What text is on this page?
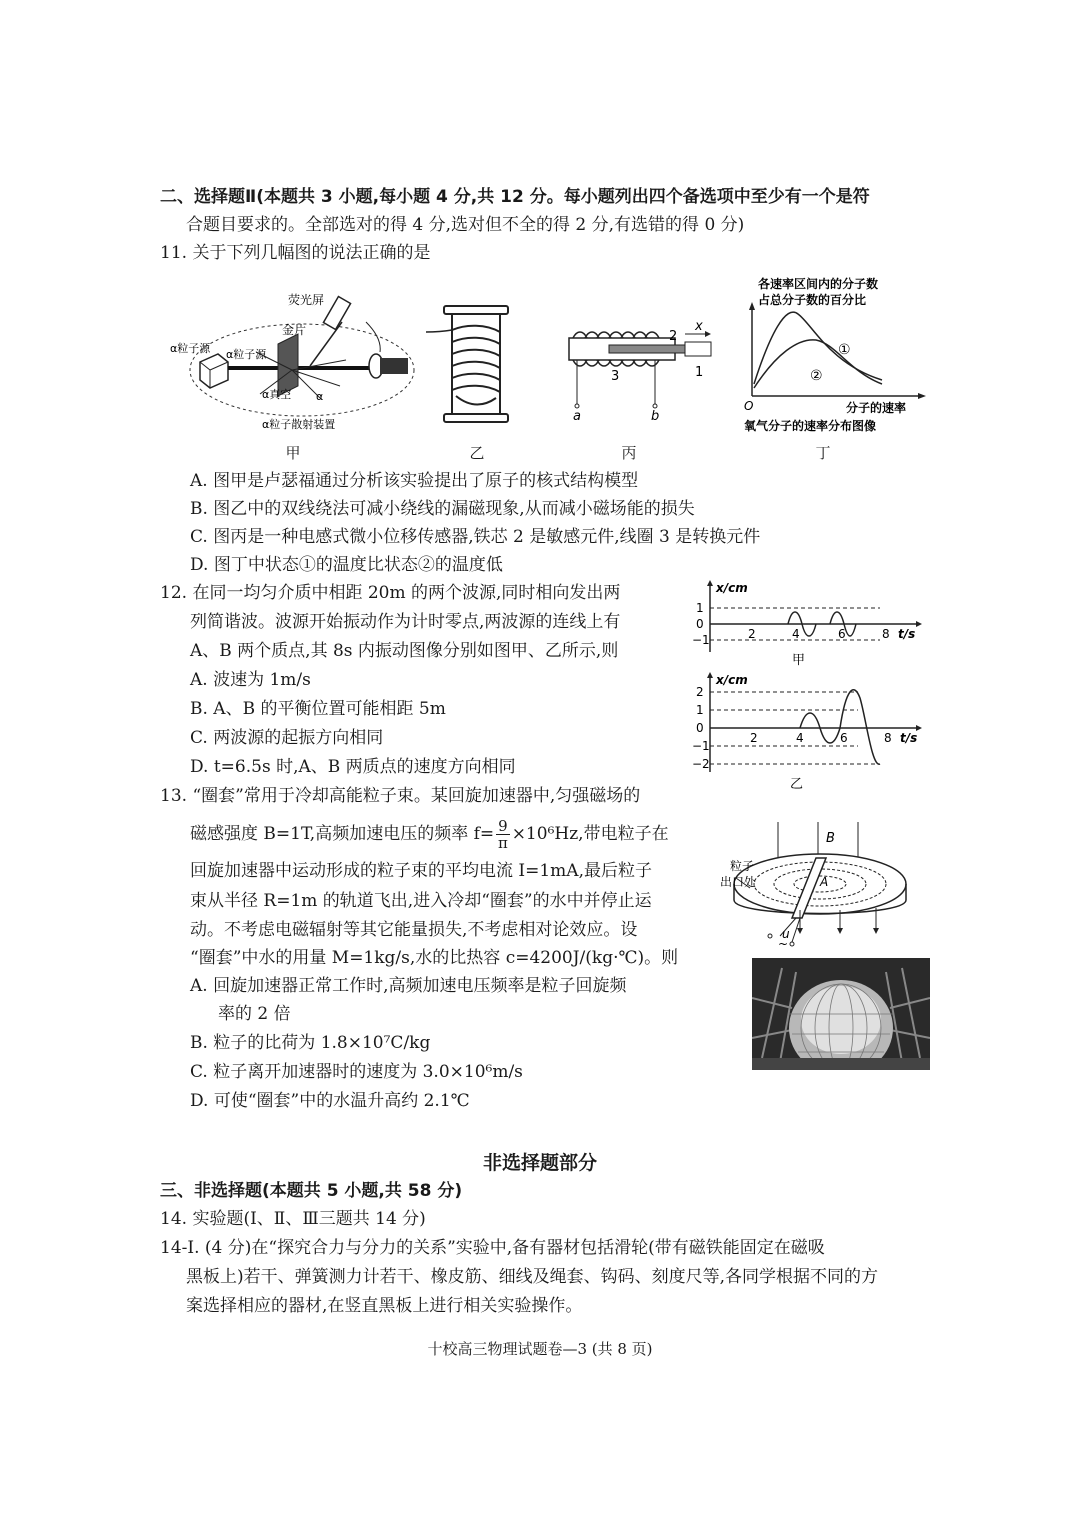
二、选择题Ⅱ(本题共 3 小题,每小题 4 分,共 12 分。每小题列出四个备选项中至少有一个是符
合题目要求的。全部选对的得 4 分,选对但不全的得 2 分,有选错的得 0 分)
11. 关于下列几幅图的说法正确的是
荧光屏
金片
α粒子源 α粒子源
α真空 α
α粒子散射装置
甲	乙
2
x
1
3
a	b
丙
各速率区间内的分子数
占总分子数的百分比
①
②
O	分子的速率
氧气分子的速率分布图像
丁
A. 图甲是卢瑟福通过分析该实验提出了原子的核式结构模型
B. 图乙中的双线绕法可减小绕线的漏磁现象,从而减小磁场能的损失
C. 图丙是一种电感式微小位移传感器,铁芯 2 是敏感元件,线圈 3 是转换元件
D. 图丁中状态①的温度比状态②的温度低
12. 在同一均匀介质中相距 20m 的两个波源,同时相向发出两
列简谐波。波源开始振动作为计时零点,两波源的连线上有
A、B 两个质点,其 8s 内振动图像分别如图甲、乙所示,则
A. 波速为 1m/s
B. A、B 的平衡位置可能相距 5m
C. 两波源的起振方向相同
D. t=6.5s 时,A、B 两质点的速度方向相同
x/cm
1
0
−1	2	4	6	8 t/s
甲
x/cm
2
1
0
−1
−2
2	4	6	8 t/s
乙
13. “圈套”常用于冷却高能粒子束。某回旋加速器中,匀强磁场的
磁感强度 B=1T,高频加速电压的频率 $f= \frac{9}{\pi} \times 10^6Hz$,带电粒子在
回旋加速器中运动形成的粒子束的平均电流 I=1mA,最后粒子
束从半径 R=1m 的轨道飞出,进入冷却“圈套”的水中并停止运
动。不考虑电磁辐射等其它能量损失,不考虑相对论效应。设
“圈套”中水的用量 M=1kg/s,水的比热容 c=4200J/(kg·℃)。则
A. 回旋加速器正常工作时,高频加速电压频率是粒子回旋频
率的 2 倍
B. 粒子的比荷为 1.8×10⁷C/kg
C. 粒子离开加速器时的速度为 3.0×10⁶m/s
D. 可使“圈套”中的水温升高约 2.1℃
B
粒子
出口处	A
u
~
非选择题部分
三、非选择题(本题共 5 小题,共 58 分)
14. 实验题(Ⅰ、Ⅱ、Ⅲ三题共 14 分)
14-Ⅰ. (4 分)在“探究合力与分力的关系”实验中,备有器材包括滑轮(带有磁铁能固定在磁吸
黑板上)若干、弹簧测力计若干、橡皮筋、细线及绳套、钩码、刻度尺等,各同学根据不同的方
案选择相应的器材,在竖直黑板上进行相关实验操作。
十校高三物理试题卷—3 (共 8 页)
